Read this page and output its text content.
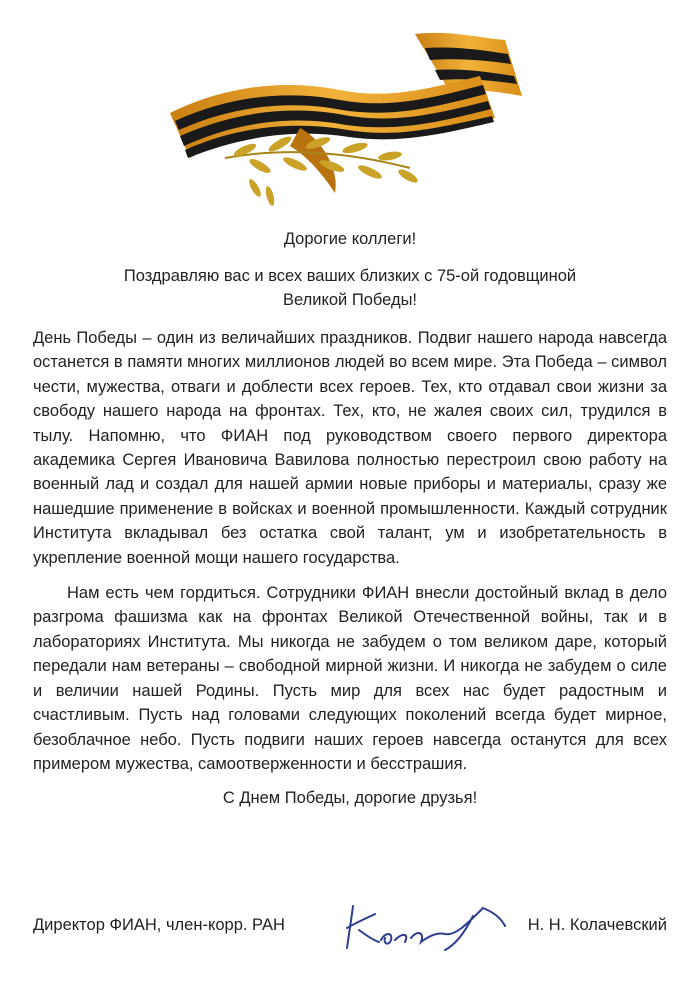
Дорогие коллеги!

Поздравляю вас и всех ваших близких с 75-ой годовщиной
Великой Победы!

День Победы – один из величайших праздников. Подвиг нашего народа навсегда останется в памяти многих миллионов людей во всем мире. Эта Победа – символ чести, мужества, отваги и доблести всех героев. Тех, кто отдавал свои жизни за свободу нашего народа на фронтах. Тех, кто, не жалея своих сил, трудился в тылу. Напомню, что ФИАН под руководством своего первого директора академика Сергея Ивановича Вавилова полностью перестроил свою работу на военный лад и создал для нашей армии новые приборы и материалы, сразу же нашедшие применение в войсках и военной промышленности. Каждый сотрудник Института вкладывал без остатка свой талант, ум и изобретательность в укрепление военной мощи нашего государства.

Нам есть чем гордиться. Сотрудники ФИАН внесли достойный вклад в дело разгрома фашизма как на фронтах Великой Отечественной войны, так и в лабораториях Института. Мы никогда не забудем о том великом даре, который передали нам ветераны – свободной мирной жизни. И никогда не забудем о силе и величии нашей Родины. Пусть мир для всех нас будет радостным и счастливым. Пусть над головами следующих поколений всегда будет мирное, безоблачное небо. Пусть подвиги наших героев навсегда останутся для всех примером мужества, самоотверженности и бесстрашия.

С Днем Победы, дорогие друзья!

Директор ФИАН, член-корр. РАН	Н. Н. Колачевский
